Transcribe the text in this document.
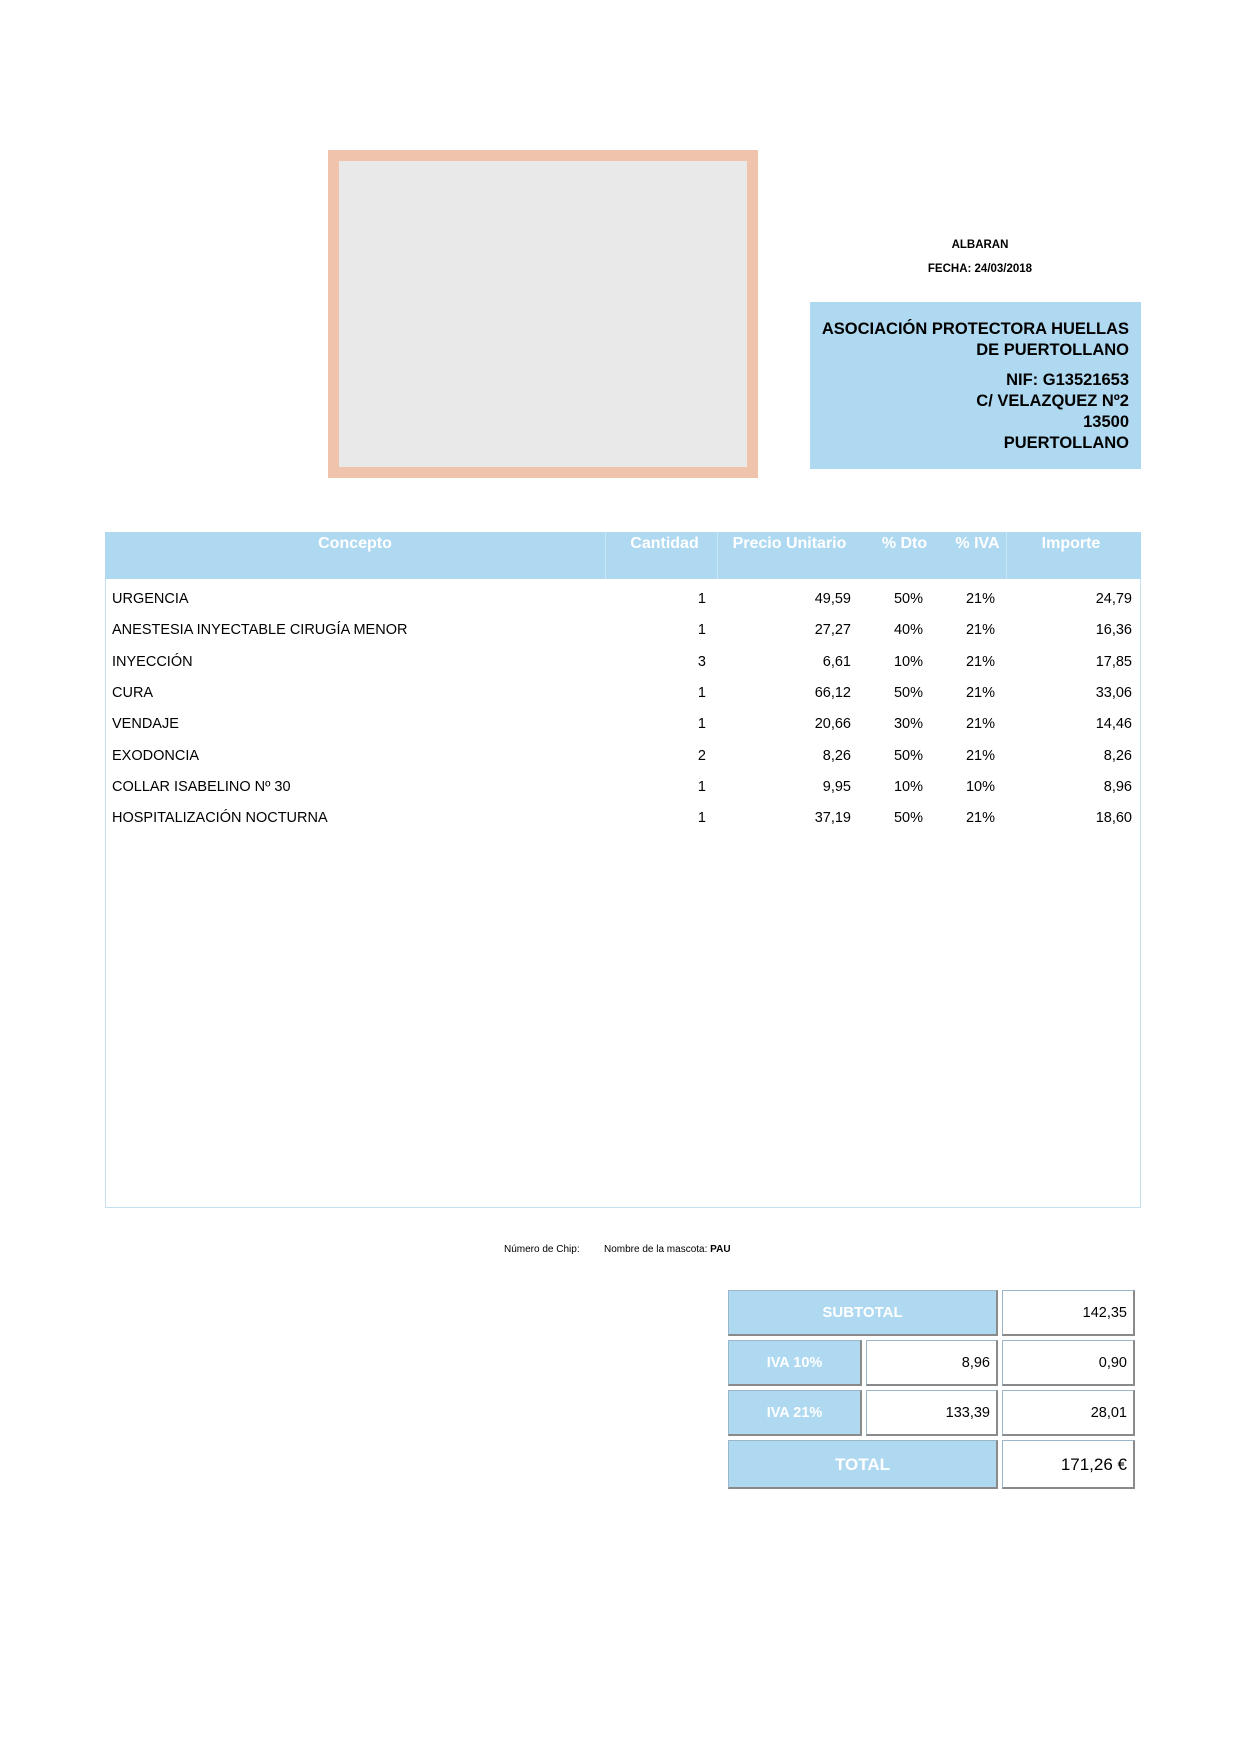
ALBARAN
FECHA: 24/03/2018
ASOCIACIÓN PROTECTORA HUELLAS
DE PUERTOLLANO
NIF: G13521653
C/ VELAZQUEZ Nº2
13500
PUERTOLLANO
Concepto	Cantidad	Precio Unitario	% Dto	% IVA	Importe
URGENCIA	1	49,59	50%	21%	24,79
ANESTESIA INYECTABLE CIRUGÍA MENOR	1	27,27	40%	21%	16,36
INYECCIÓN	3	6,61	10%	21%	17,85
CURA	1	66,12	50%	21%	33,06
VENDAJE	1	20,66	30%	21%	14,46
EXODONCIA	2	8,26	50%	21%	8,26
COLLAR ISABELINO Nº 30	1	9,95	10%	10%	8,96
HOSPITALIZACIÓN NOCTURNA	1	37,19	50%	21%	18,60
Número de Chip: Nombre de la mascota: PAU
SUBTOTAL	142,35
IVA 10%	8,96	0,90
IVA 21%	133,39	28,01
TOTAL	171,26 €
